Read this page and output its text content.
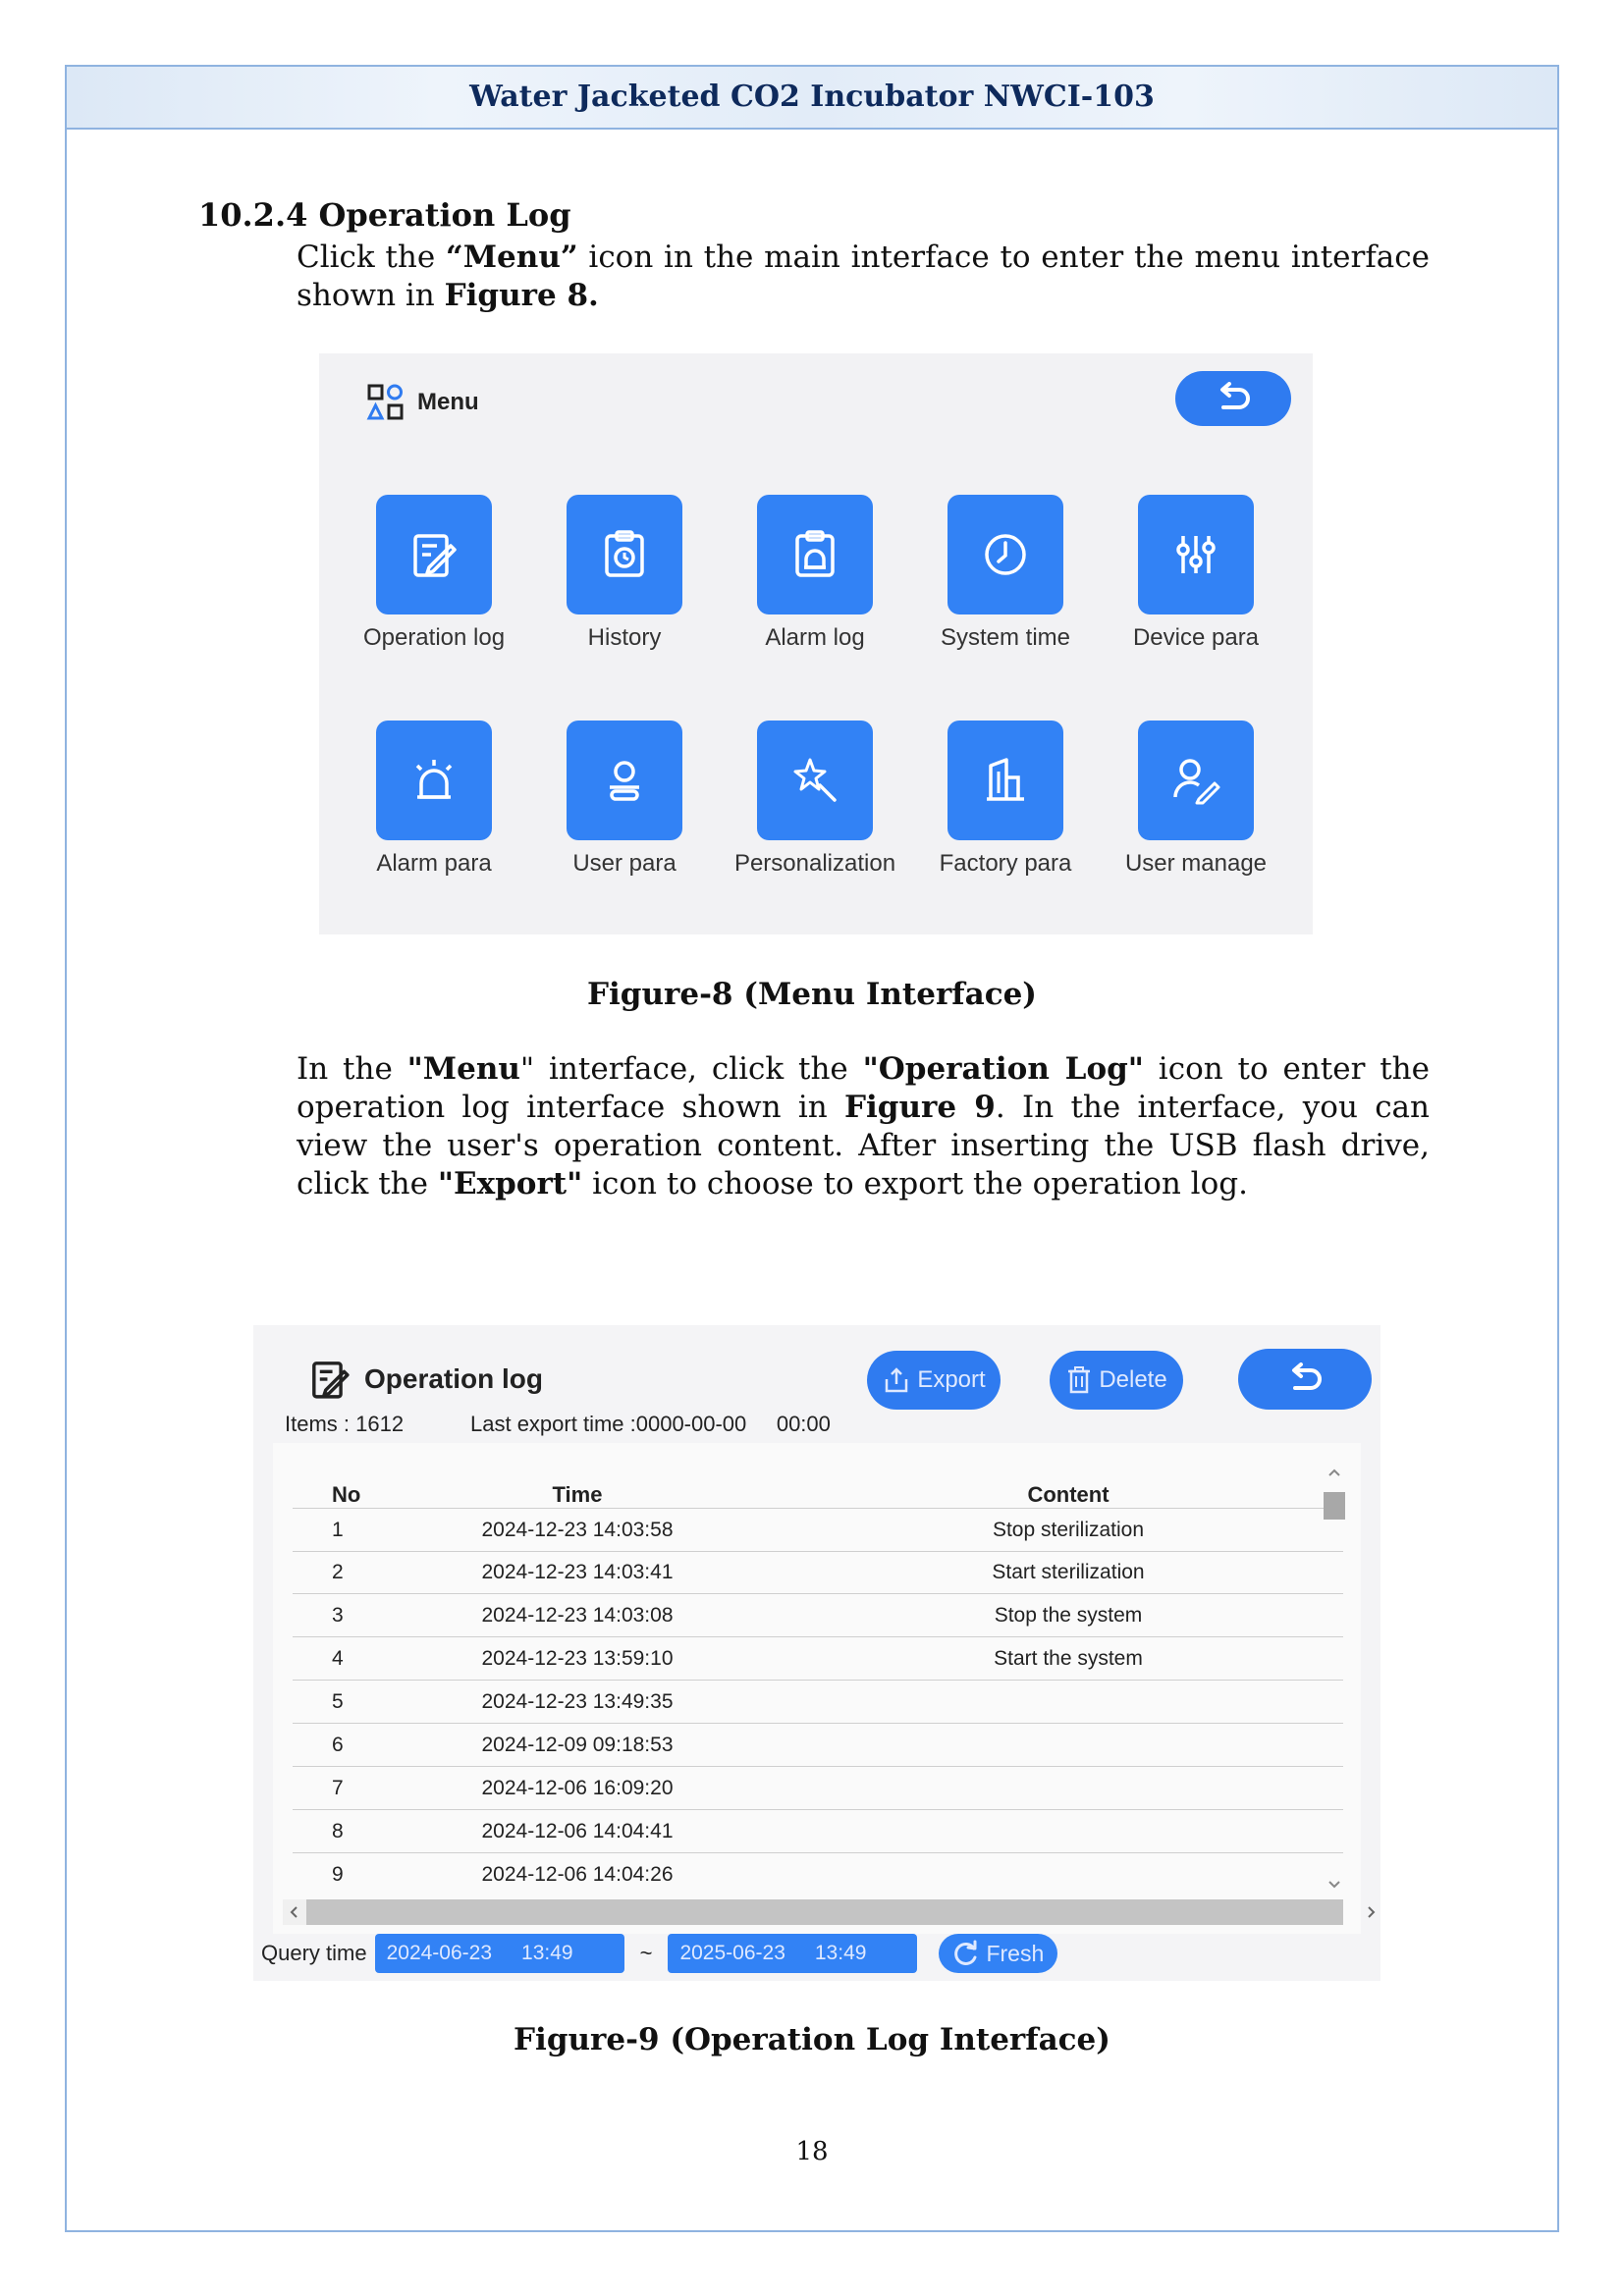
Water Jacketed CO2 Incubator NWCI-103
10.2.4 Operation Log
Click the “Menu” icon in the main interface to enter the menu interface shown in Figure 8.
Menu
Operation log	History	Alarm log	System time	Device para
Alarm para	User para	Personalization	Factory para	User manage
Figure-8 (Menu Interface)
In the "Menu" interface, click the "Operation Log" icon to enter the operation log interface shown in Figure 9. In the interface, you can view the user's operation content. After inserting the USB flash drive, click the "Export" icon to choose to export the operation log.
Operation log	Export	Delete
Items : 1612	Last export time :0000-00-00     00:00
No	Time	Content
1	2024-12-23 14:03:58	Stop sterilization
2	2024-12-23 14:03:41	Start sterilization
3	2024-12-23 14:03:08	Stop the system
4	2024-12-23 13:59:10	Start the system
5	2024-12-23 13:49:35
6	2024-12-09 09:18:53
7	2024-12-06 16:09:20
8	2024-12-06 14:04:41
9	2024-12-06 14:04:26
Query time 2024-06-23 13:49	~ 2025-06-23 13:49	Fresh
Figure-9 (Operation Log Interface)
18
